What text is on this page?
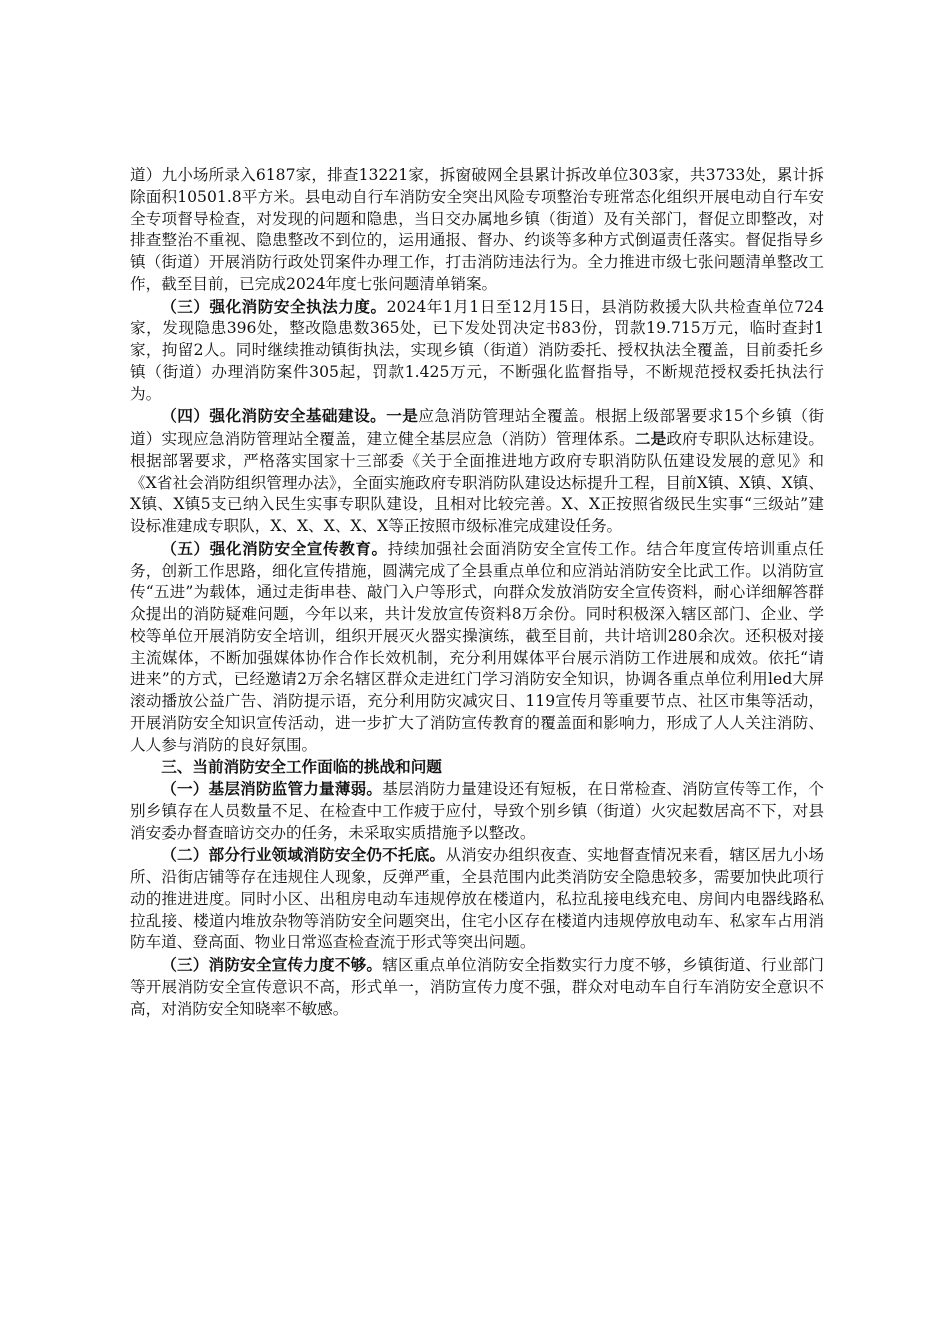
道）九小场所录入6187家，排查13221家，拆窗破网全县累计拆改单位303家，共3733处，累计拆除面积10501.8平方米。县电动自行车消防安全突出风险专项整治专班常态化组织开展电动自行车安全专项督导检查，对发现的问题和隐患，当日交办属地乡镇（街道）及有关部门，督促立即整改，对排查整治不重视、隐患整改不到位的，运用通报、督办、约谈等多种方式倒逼责任落实。督促指导乡镇（街道）开展消防行政处罚案件办理工作，打击消防违法行为。全力推进市级七张问题清单整改工作，截至目前，已完成2024年度七张问题清单销案。

（三）强化消防安全执法力度。2024年1月1日至12月15日，县消防救援大队共检查单位724家，发现隐患396处，整改隐患数365处，已下发处罚决定书83份，罚款19.715万元，临时查封1家，拘留2人。同时继续推动镇街执法，实现乡镇（街道）消防委托、授权执法全覆盖，目前委托乡镇（街道）办理消防案件305起，罚款1.425万元，不断强化监督指导，不断规范授权委托执法行为。

（四）强化消防安全基础建设。一是应急消防管理站全覆盖。根据上级部署要求15个乡镇（街道）实现应急消防管理站全覆盖，建立健全基层应急（消防）管理体系。二是政府专职队达标建设。根据部署要求，严格落实国家十三部委《关于全面推进地方政府专职消防队伍建设发展的意见》和《X省社会消防组织管理办法》，全面实施政府专职消防队建设达标提升工程，目前X镇、X镇、X镇、X镇、X镇5支已纳入民生实事专职队建设，且相对比较完善。X、X正按照省级民生实事“三级站”建设标准建成专职队，X、X、X、X、X等正按照市级标准完成建设任务。

（五）强化消防安全宣传教育。持续加强社会面消防安全宣传工作。结合年度宣传培训重点任务，创新工作思路，细化宣传措施，圆满完成了全县重点单位和应消站消防安全比武工作。以消防宣传“五进”为载体，通过走街串巷、敲门入户等形式，向群众发放消防安全宣传资料，耐心详细解答群众提出的消防疑难问题，今年以来，共计发放宣传资料8万余份。同时积极深入辖区部门、企业、学校等单位开展消防安全培训，组织开展灭火器实操演练，截至目前，共计培训280余次。还积极对接主流媒体，不断加强媒体协作合作长效机制，充分利用媒体平台展示消防工作进展和成效。依托“请进来”的方式，已经邀请2万余名辖区群众走进红门学习消防安全知识，协调各重点单位利用led大屏滚动播放公益广告、消防提示语，充分利用防灾减灾日、119宣传月等重要节点、社区市集等活动，开展消防安全知识宣传活动，进一步扩大了消防宣传教育的覆盖面和影响力，形成了人人关注消防、人人参与消防的良好氛围。

三、当前消防安全工作面临的挑战和问题

（一）基层消防监管力量薄弱。基层消防力量建设还有短板，在日常检查、消防宣传等工作，个别乡镇存在人员数量不足、在检查中工作疲于应付，导致个别乡镇（街道）火灾起数居高不下，对县消安委办督查暗访交办的任务，未采取实质措施予以整改。

（二）部分行业领域消防安全仍不托底。从消安办组织夜查、实地督查情况来看，辖区居九小场所、沿街店铺等存在违规住人现象，反弹严重，全县范围内此类消防安全隐患较多，需要加快此项行动的推进进度。同时小区、出租房电动车违规停放在楼道内，私拉乱接电线充电、房间内电器线路私拉乱接、楼道内堆放杂物等消防安全问题突出，住宅小区存在楼道内违规停放电动车、私家车占用消防车道、登高面、物业日常巡查检查流于形式等突出问题。

（三）消防安全宣传力度不够。辖区重点单位消防安全指数实行力度不够，乡镇街道、行业部门等开展消防安全宣传意识不高，形式单一，消防宣传力度不强，群众对电动车自行车消防安全意识不高，对消防安全知晓率不敏感。
